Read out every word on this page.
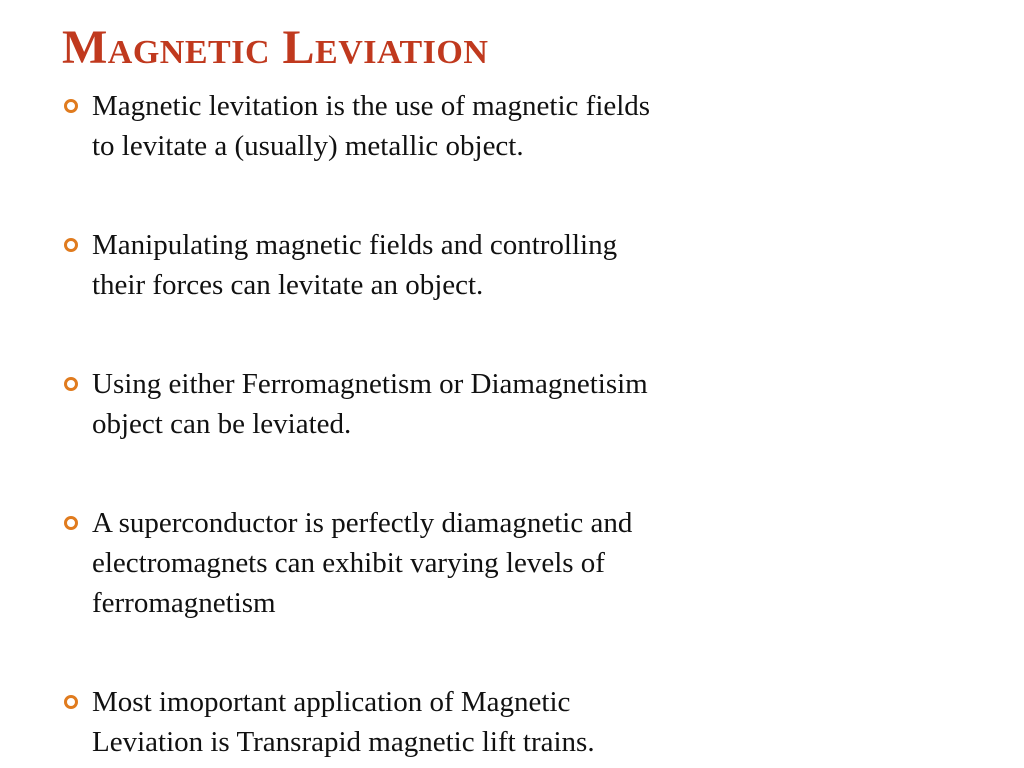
Magnetic Leviation
Magnetic levitation is the use of magnetic fields
to levitate a (usually) metallic object.
Manipulating magnetic fields and controlling
their forces can levitate an object.
Using either Ferromagnetism or Diamagnetisim
object can be leviated.
A superconductor is perfectly diamagnetic and
electromagnets can exhibit varying levels of
ferromagnetism
Most imoportant application of Magnetic
Leviation is Transrapid magnetic lift trains.
